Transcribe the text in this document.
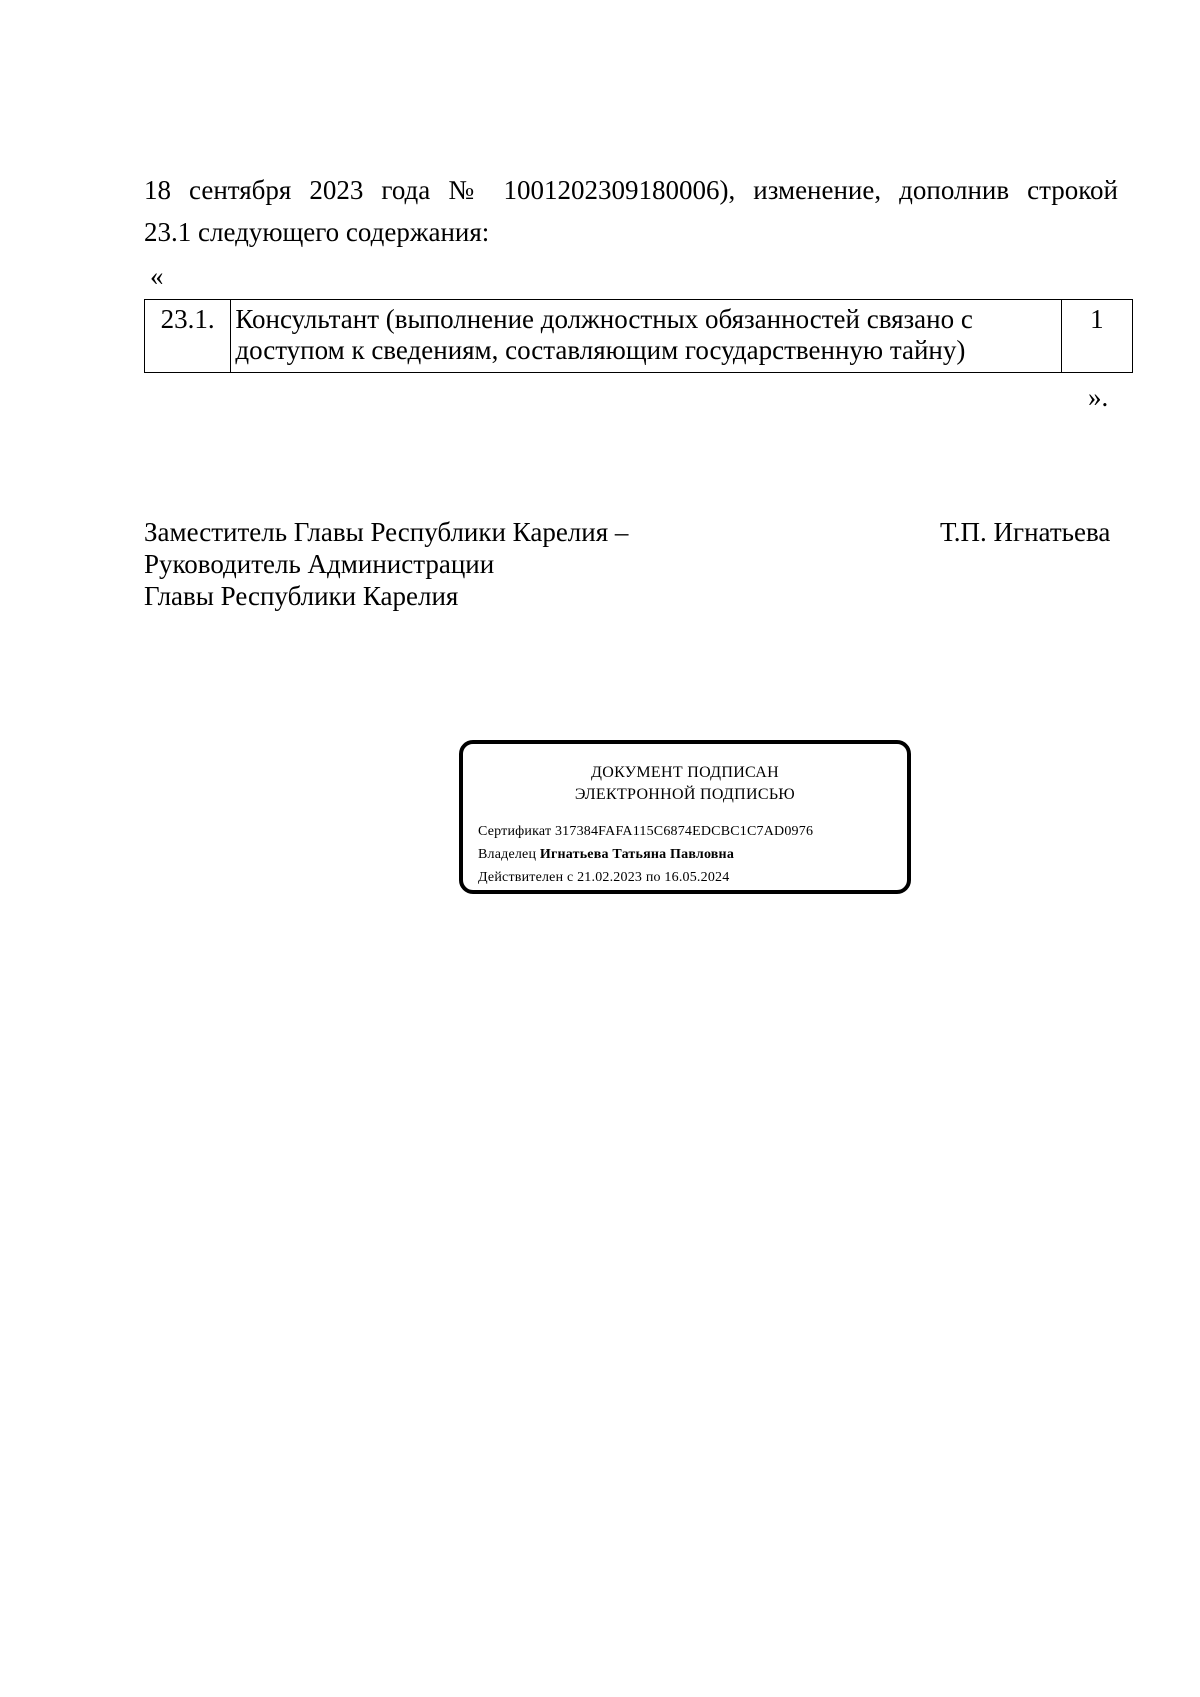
18 сентября 2023 года № 1001202309180006), изменение, дополнив строкой
23.1 следующего содержания:
«
23.1.	Консультант (выполнение должностных обязанностей связано с доступом к сведениям, составляющим государственную тайну)	1
».
Заместитель Главы Республики Карелия –
Руководитель Администрации
Главы Республики Карелия
Т.П. Игнатьева
ДОКУМЕНТ ПОДПИСАН
ЭЛЕКТРОННОЙ ПОДПИСЬЮ
Сертификат 317384FAFA115C6874EDCBC1C7AD0976
Владелец Игнатьева Татьяна Павловна
Действителен с 21.02.2023 по 16.05.2024
